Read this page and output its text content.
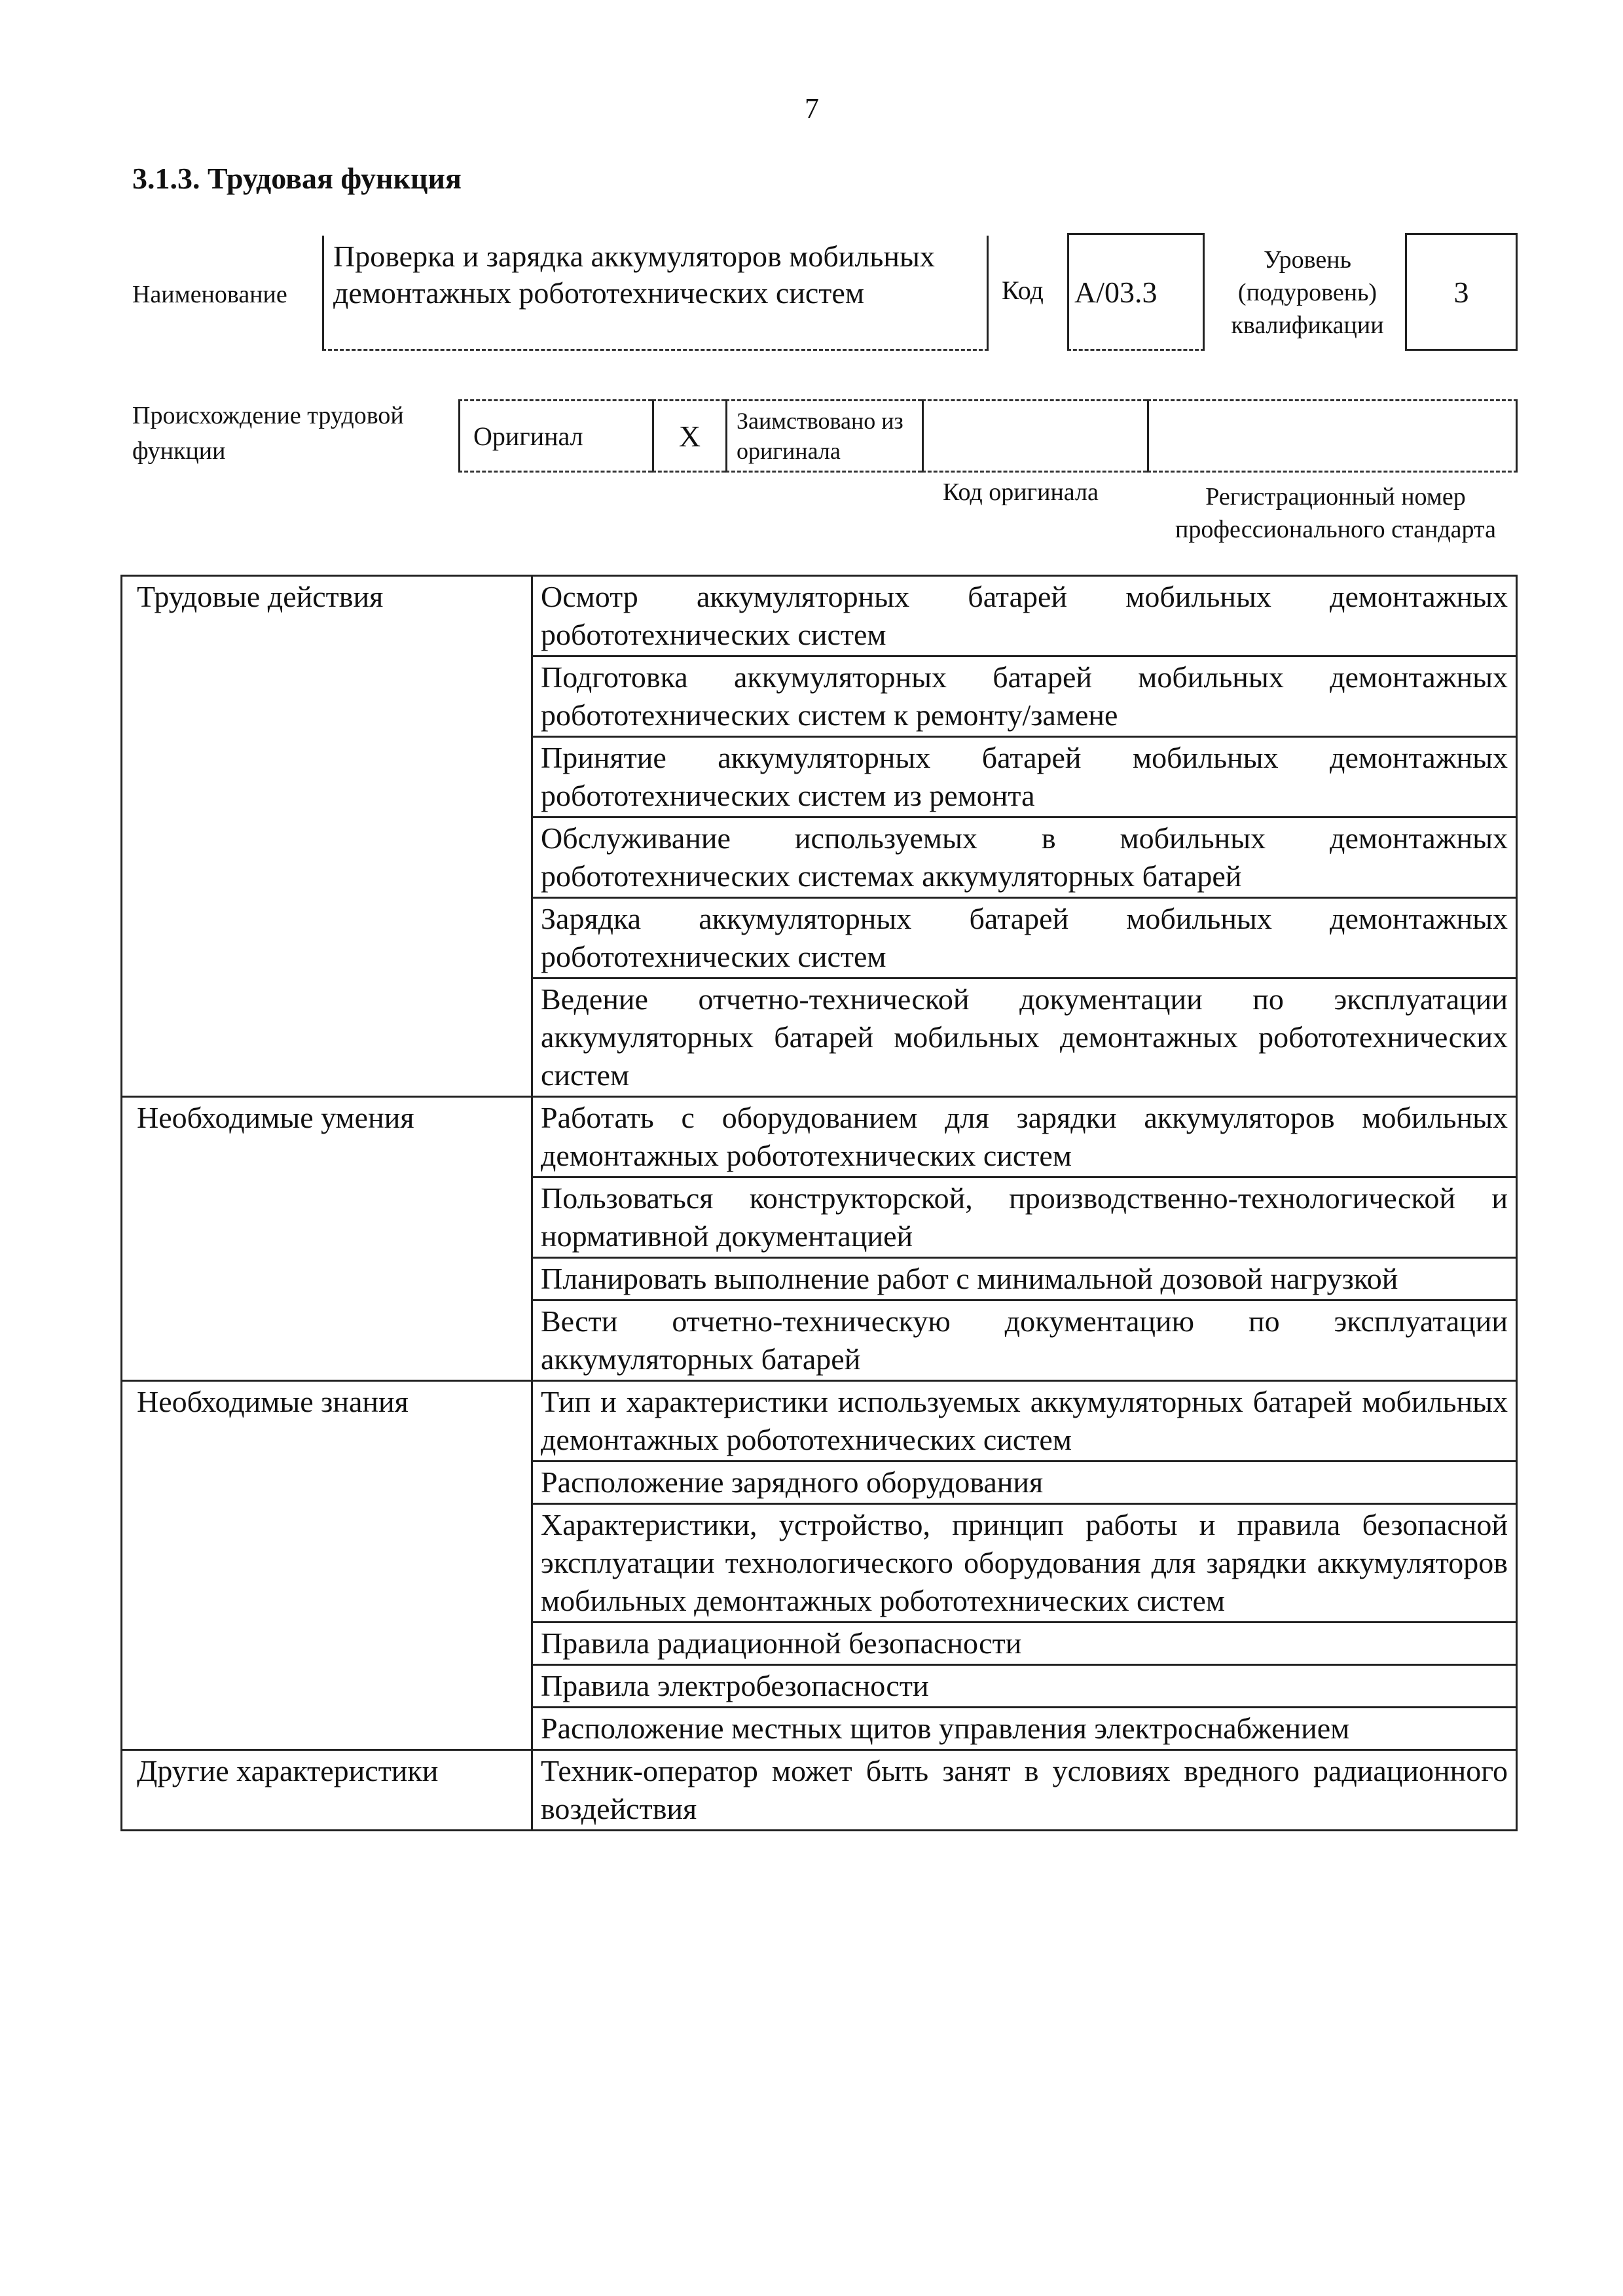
7
3.1.3. Трудовая функция
Наименование
Проверка и зарядка аккумуляторов мобильных демонтажных робототехнических систем	Код A/03.3
Уровень (подуровень) квалификации
3
Происхождение трудовой функции
Оригинал	X Заимствовано из оригинала
Код оригинала	Регистрационный номер профессионального стандарта
Трудовые действия	Осмотр аккумуляторных батарей мобильных демонтажных робототехнических систем
	Подготовка аккумуляторных батарей мобильных демонтажных робототехнических систем к ремонту/замене
	Принятие аккумуляторных батарей мобильных демонтажных робототехнических систем из ремонта
	Обслуживание используемых в мобильных демонтажных робототехнических системах аккумуляторных батарей
	Зарядка аккумуляторных батарей мобильных демонтажных робототехнических систем
	Ведение отчетно-технической документации по эксплуатации аккумуляторных батарей мобильных демонтажных робототехнических систем
Необходимые умения	Работать с оборудованием для зарядки аккумуляторов мобильных демонтажных робототехнических систем
	Пользоваться конструкторской, производственно-технологической и нормативной документацией
	Планировать выполнение работ с минимальной дозовой нагрузкой
	Вести отчетно-техническую документацию по эксплуатации аккумуляторных батарей
Необходимые знания	Тип и характеристики используемых аккумуляторных батарей мобильных демонтажных робототехнических систем
	Расположение зарядного оборудования
	Характеристики, устройство, принцип работы и правила безопасной эксплуатации технологического оборудования для зарядки аккумуляторов мобильных демонтажных робототехнических систем
	Правила радиационной безопасности
	Правила электробезопасности
	Расположение местных щитов управления электроснабжением
Другие характеристики	Техник-оператор может быть занят в условиях вредного радиационного воздействия
